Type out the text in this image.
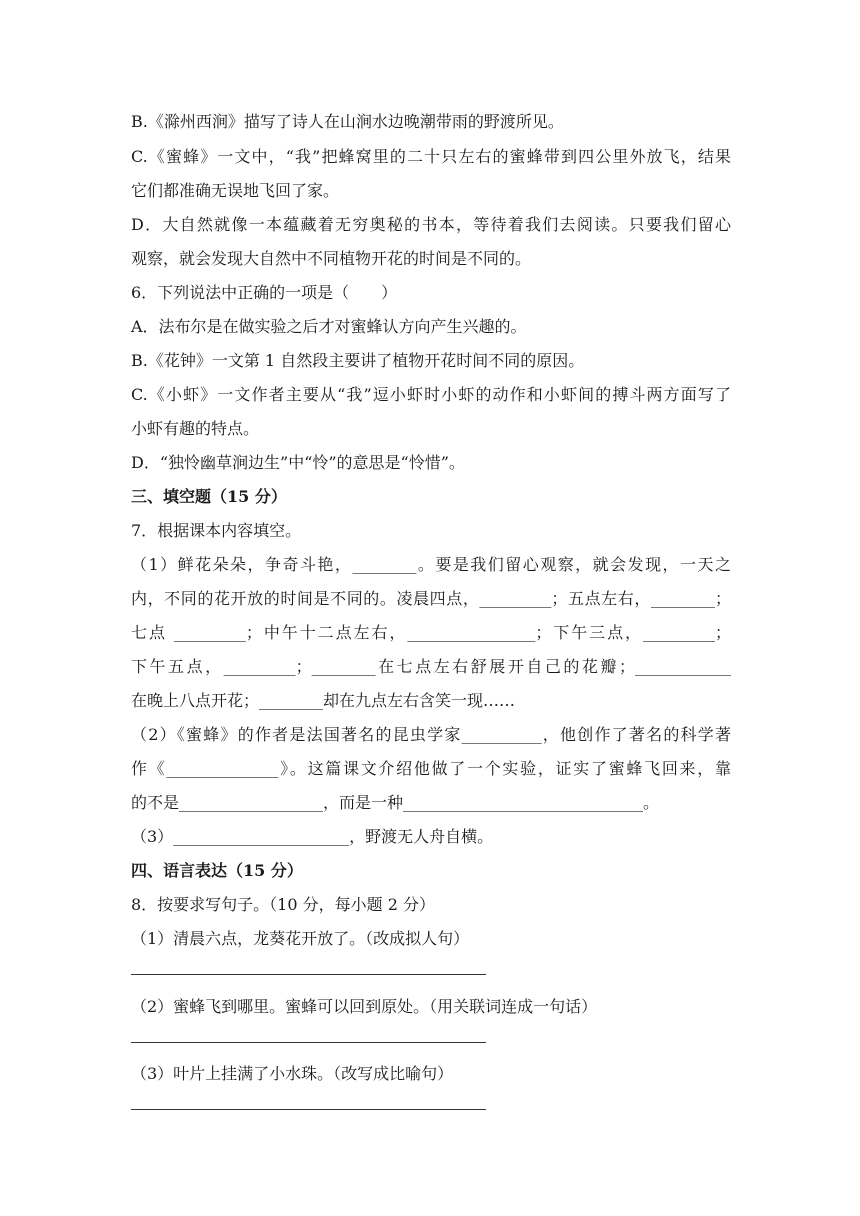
B.《滁州西涧》描写了诗人在山涧水边晚潮带雨的野渡所见。
C.《蜜蜂》一文中，“我”把蜂窝里的二十只左右的蜜蜂带到四公里外放飞，结果
它们都准确无误地飞回了家。
D．大自然就像一本蕴藏着无穷奥秘的书本，等待着我们去阅读。只要我们留心
观察，就会发现大自然中不同植物开花的时间是不同的。
6．下列说法中正确的一项是（　　）
A．法布尔是在做实验之后才对蜜蜂认方向产生兴趣的。
B.《花钟》一文第 1 自然段主要讲了植物开花时间不同的原因。
C.《小虾》一文作者主要从“我”逗小虾时小虾的动作和小虾间的搏斗两方面写了
小虾有趣的特点。
D．“独怜幽草涧边生”中“怜”的意思是“怜惜”。
三、填空题（15 分）
7．根据课本内容填空。
（1）鲜花朵朵，争奇斗艳，________。要是我们留心观察，就会发现，一天之
内，不同的花开放的时间是不同的。凌晨四点，_________；五点左右，________；
七点 _________；中午十二点左右，________________；下午三点，_________；
下午五点，_________；________在七点左右舒展开自己的花瓣；____________
在晚上八点开花；________却在九点左右含笑一现……
（2）《蜜蜂》的作者是法国著名的昆虫学家__________，他创作了著名的科学著
作《______________》。这篇课文介绍他做了一个实验，证实了蜜蜂飞回来，靠
的不是__________________，而是一种______________________________。
（3）______________________，野渡无人舟自横。
四、语言表达（15 分）
8．按要求写句子。（10 分，每小题 2 分）
（1）清晨六点，龙葵花开放了。（改成拟人句）
（2）蜜蜂飞到哪里。蜜蜂可以回到原处。（用关联词连成一句话）
（3）叶片上挂满了小水珠。（改写成比喻句）
